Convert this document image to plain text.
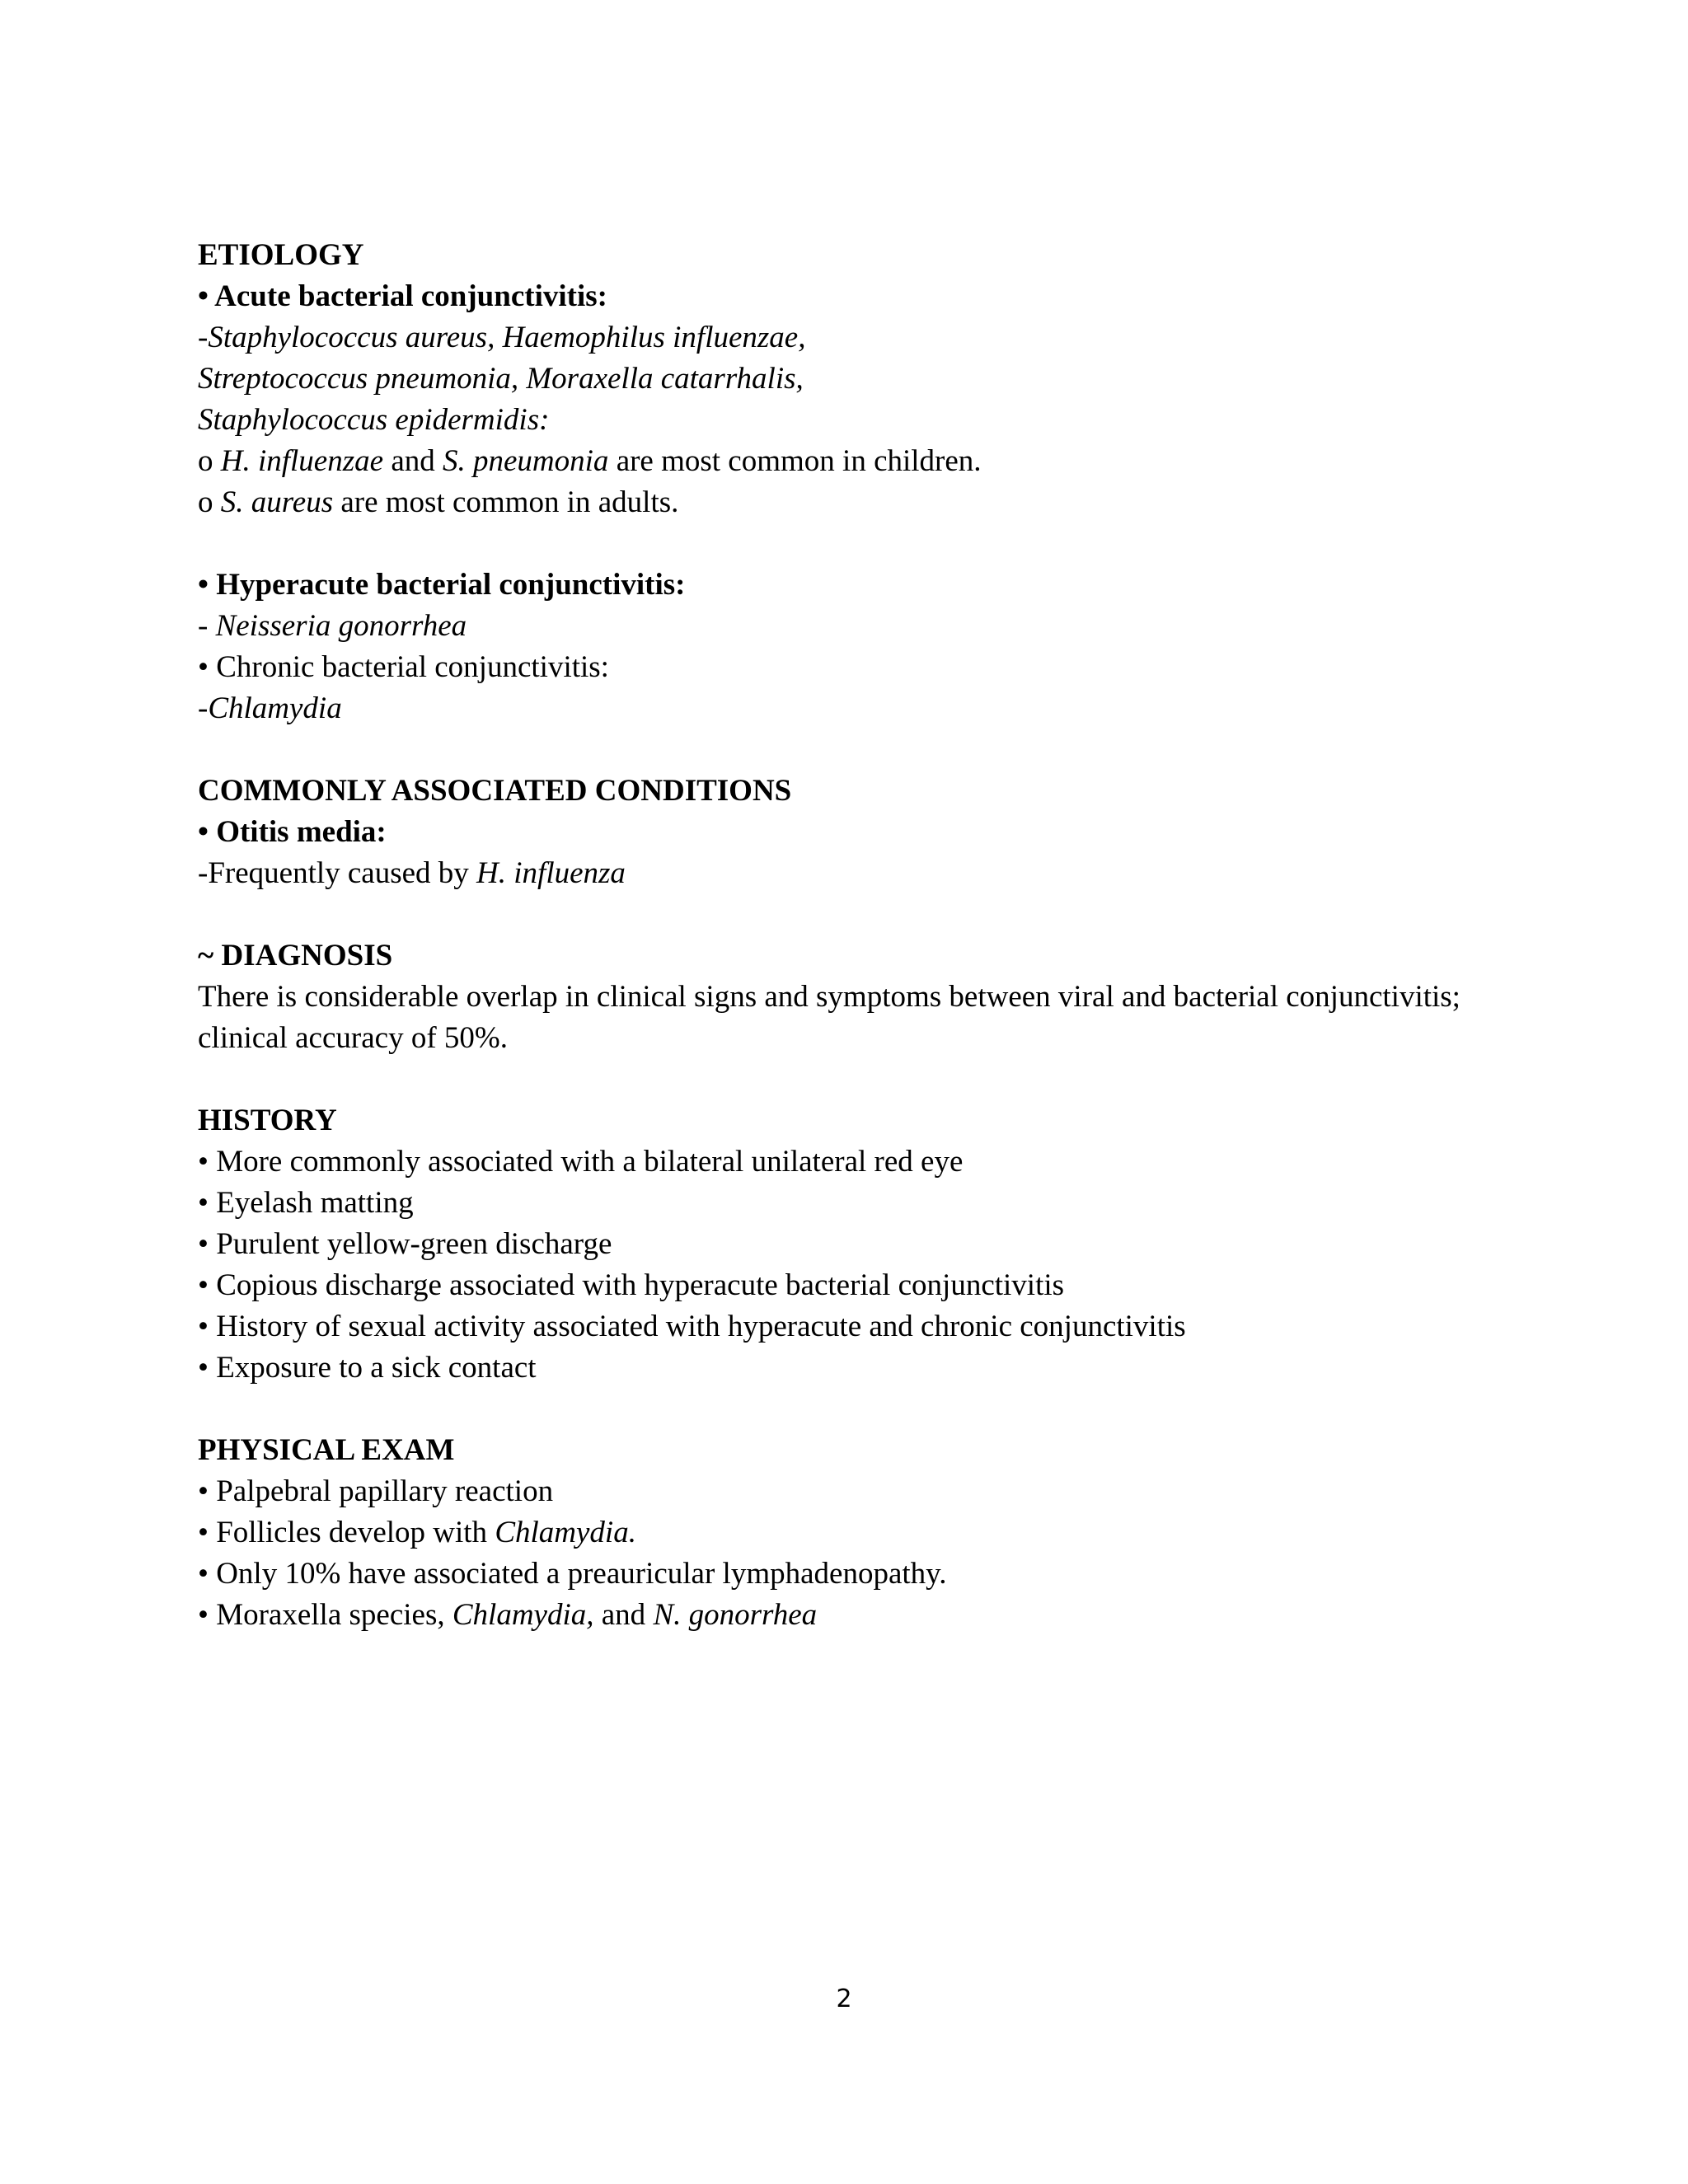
ETIOLOGY
• Acute bacterial conjunctivitis:
-Staphylococcus aureus, Haemophilus influenzae,
Streptococcus pneumonia, Moraxella catarrhalis,
Staphylococcus epidermidis:
o H. influenzae and S. pneumonia are most common in children.
o S. aureus are most common in adults.
• Hyperacute bacterial conjunctivitis:
- Neisseria gonorrhea
• Chronic bacterial conjunctivitis:
-Chlamydia
COMMONLY ASSOCIATED CONDITIONS
• Otitis media:
-Frequently caused by H. influenza
~ DIAGNOSIS
There is considerable overlap in clinical signs and symptoms between viral and bacterial conjunctivitis; clinical accuracy of 50%.
HISTORY
• More commonly associated with a bilateral unilateral red eye
• Eyelash matting
• Purulent yellow-green discharge
• Copious discharge associated with hyperacute bacterial conjunctivitis
• History of sexual activity associated with hyperacute and chronic conjunctivitis
• Exposure to a sick contact
PHYSICAL EXAM
• Palpebral papillary reaction
• Follicles develop with Chlamydia.
• Only 10% have associated a preauricular lymphadenopathy.
• Moraxella species, Chlamydia, and N. gonorrhea
2
